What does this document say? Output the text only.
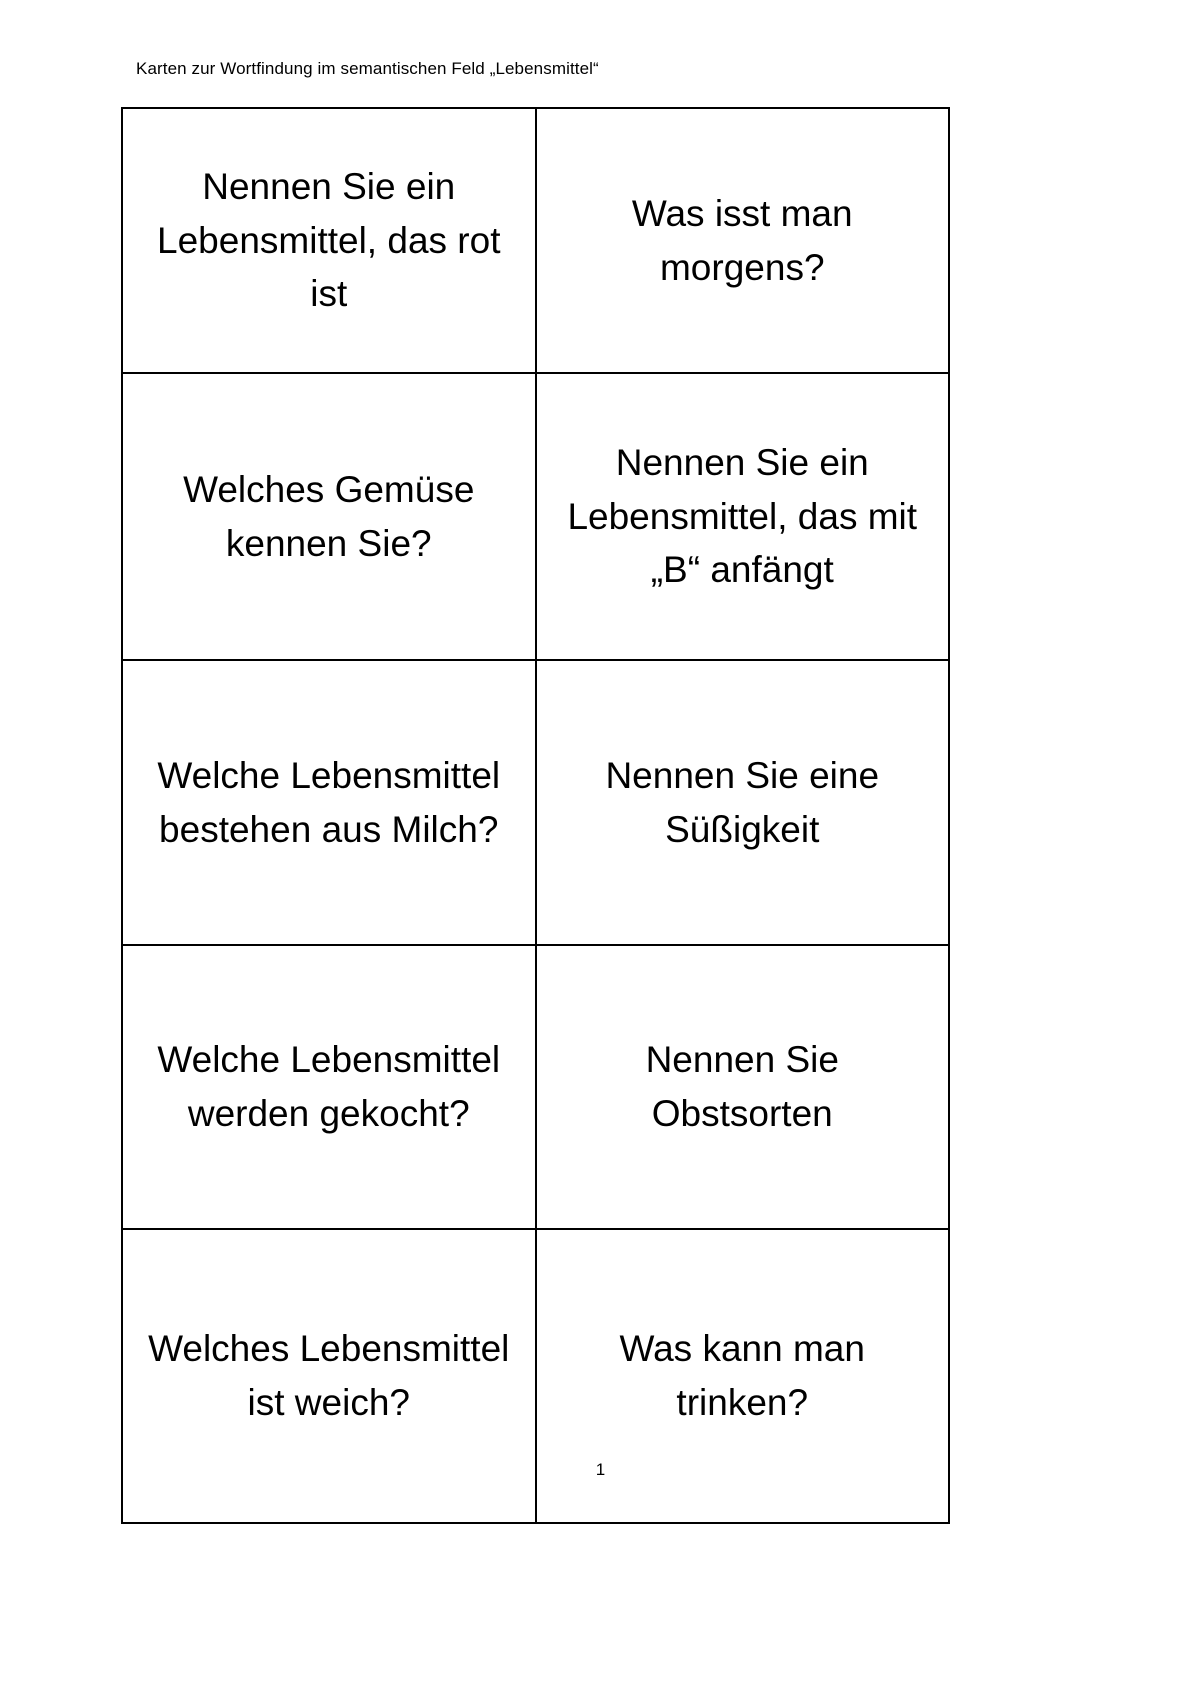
Karten zur Wortfindung im semantischen Feld „Lebensmittel“
Nennen Sie ein Lebensmittel, das rot ist	Was isst man morgens?

Welches Gemüse kennen Sie?	Nennen Sie ein Lebensmittel, das mit „B“ anfängt

Welche Lebensmittel bestehen aus Milch?	Nennen Sie eine Süßigkeit

Welche Lebensmittel werden gekocht?	Nennen Sie Obstsorten

Welches Lebensmittel ist weich?	Was kann man trinken?
1
